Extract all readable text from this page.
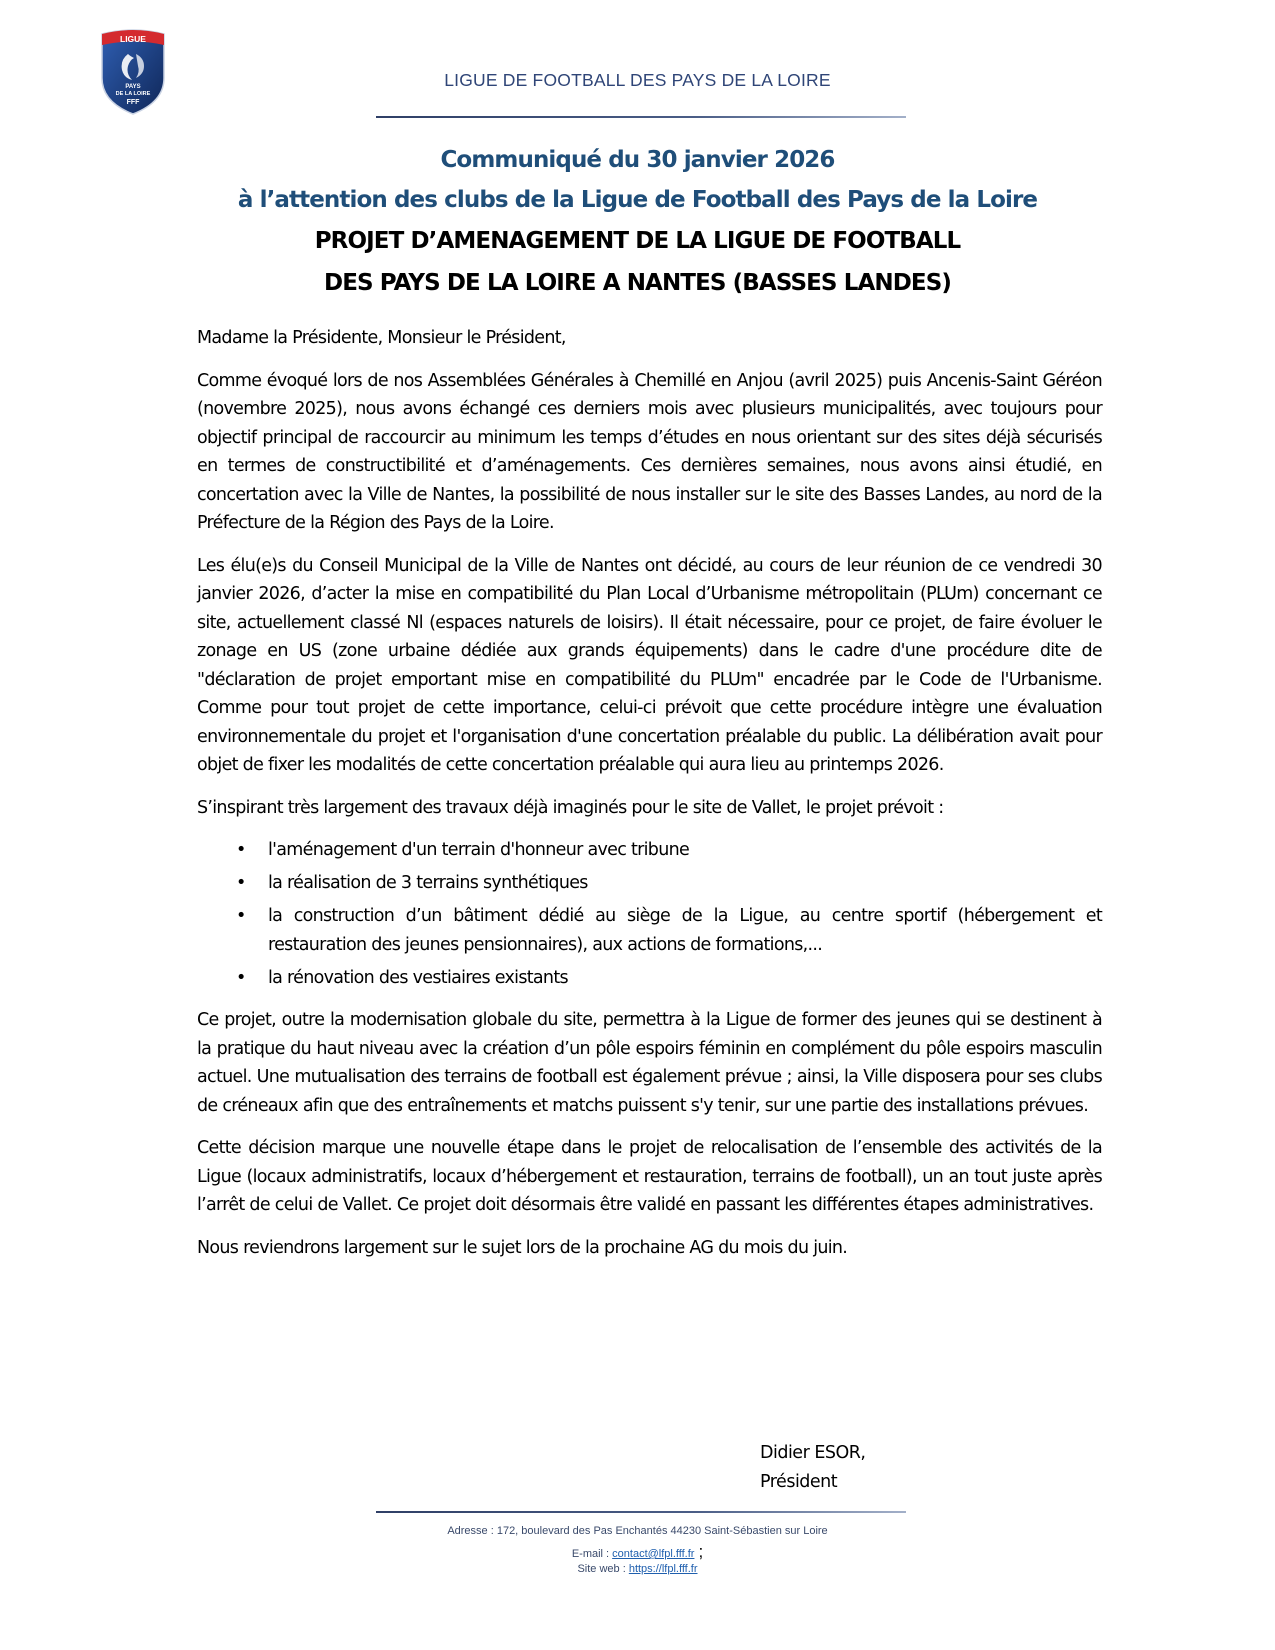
LIGUE
PAYS
DE LA LOIRE
FFF
LIGUE DE FOOTBALL DES PAYS DE LA LOIRE
Communiqué du 30 janvier 2026
à l’attention des clubs de la Ligue de Football des Pays de la Loire
PROJET D’AMENAGEMENT DE LA LIGUE DE FOOTBALL
DES PAYS DE LA LOIRE A NANTES (BASSES LANDES)

Madame la Présidente, Monsieur le Président,

Comme évoqué lors de nos Assemblées Générales à Chemillé en Anjou (avril 2025) puis Ancenis-Saint Géréon (novembre 2025), nous avons échangé ces derniers mois avec plusieurs municipalités, avec toujours pour objectif principal de raccourcir au minimum les temps d’études en nous orientant sur des sites déjà sécurisés en termes de constructibilité et d’aménagements. Ces dernières semaines, nous avons ainsi étudié, en concertation avec la Ville de Nantes, la possibilité de nous installer sur le site des Basses Landes, au nord de la Préfecture de la Région des Pays de la Loire.

Les élu(e)s du Conseil Municipal de la Ville de Nantes ont décidé, au cours de leur réunion de ce vendredi 30 janvier 2026, d’acter la mise en compatibilité du Plan Local d’Urbanisme métropolitain (PLUm) concernant ce site, actuellement classé Nl (espaces naturels de loisirs). Il était nécessaire, pour ce projet, de faire évoluer le zonage en US (zone urbaine dédiée aux grands équipements) dans le cadre d'une procédure dite de "déclaration de projet emportant mise en compatibilité du PLUm" encadrée par le Code de l'Urbanisme. Comme pour tout projet de cette importance, celui-ci prévoit que cette procédure intègre une évaluation environnementale du projet et l'organisation d'une concertation préalable du public. La délibération avait pour objet de fixer les modalités de cette concertation préalable qui aura lieu au printemps 2026.

S’inspirant très largement des travaux déjà imaginés pour le site de Vallet, le projet prévoit :

• l'aménagement d'un terrain d'honneur avec tribune
• la réalisation de 3 terrains synthétiques
• la construction d’un bâtiment dédié au siège de la Ligue, au centre sportif (hébergement et restauration des jeunes pensionnaires), aux actions de formations,...
• la rénovation des vestiaires existants

Ce projet, outre la modernisation globale du site, permettra à la Ligue de former des jeunes qui se destinent à la pratique du haut niveau avec la création d’un pôle espoirs féminin en complément du pôle espoirs masculin actuel. Une mutualisation des terrains de football est également prévue ; ainsi, la Ville disposera pour ses clubs de créneaux afin que des entraînements et matchs puissent s'y tenir, sur une partie des installations prévues.

Cette décision marque une nouvelle étape dans le projet de relocalisation de l’ensemble des activités de la Ligue (locaux administratifs, locaux d’hébergement et restauration, terrains de football), un an tout juste après l’arrêt de celui de Vallet. Ce projet doit désormais être validé en passant les différentes étapes administratives.

Nous reviendrons largement sur le sujet lors de la prochaine AG du mois du juin.

Didier ESOR,
Président
Adresse : 172, boulevard des Pas Enchantés 44230 Saint-Sébastien sur Loire
E-mail : contact@lfpl.fff.fr ;
Site web : https://lfpl.fff.fr
